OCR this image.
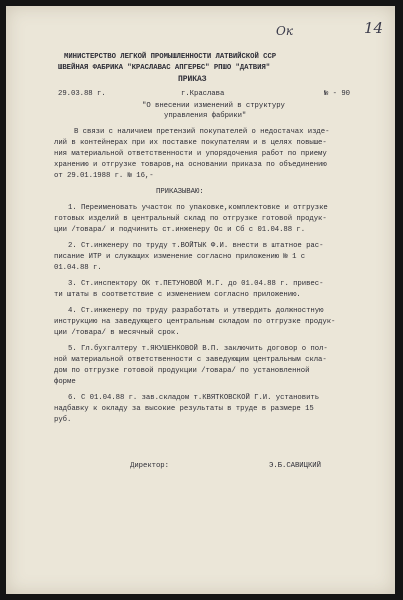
Ок	14
МИНИСТЕРСТВО ЛЕГКОЙ ПРОМЫШЛЕННОСТИ ЛАТВИЙСКОЙ ССР
ШВЕЙНАЯ ФАБРИКА "КРАСЛАВАС АПГЕРБС" РПШО "ДАТВИЯ"
ПРИКАЗ
29.03.88 г.	г.Краслава	№ - 90
"О внесении изменений в структуру
управления фабрики"
В связи с наличием претензий покупателей о недостачах изде-
лий в контейнерах при их поставке покупателям и в целях повыше-
ния материальной ответственности и упорядочения работ по приему
хранению и отгрузке товаров,на основании приказа по объединению
от 29.01.1988 г. № 16,-
ПРИКАЗЫВАЮ:
1. Переименовать участок по упаковке,комплектовке и отгрузке
готовых изделий в центральный склад по отгрузке готовой продук-
ции /товара/ и подчинить ст.инженеру Ос и Сб с 01.04.88 г.
2. Ст.инженеру по труду т.ВОЙТЫК Ф.И. внести в штатное рас-
писание ИТР и служащих изменение согласно приложению № 1 с
01.04.88 г.
3. Ст.инспектору ОК т.ПЕТУНОВОЙ М.Г. до 01.04.88 г. привес-
ти штаты в соответствие с изменением согласно приложению.
4. Ст.инженеру по труду разработать и утвердить должностную
инструкцию на заведующего центральным складом по отгрузке продук-
ции /товара/ в месячный срок.
5. Гл.бухгалтеру т.ЯКУШЕНКОВОЙ В.П. заключить договор о пол-
ной материальной ответственности с заведующим центральным скла-
дом по отгрузке готовой продукции /товара/ по установленной
форме
6. С 01.04.88 г. зав.складом т.КВЯТКОВСКОЙ Г.И. установить
надбавку к окладу за высокие результаты в труде в размере 15
руб.
Директор:	Э.Б.САВИЦКИЙ
